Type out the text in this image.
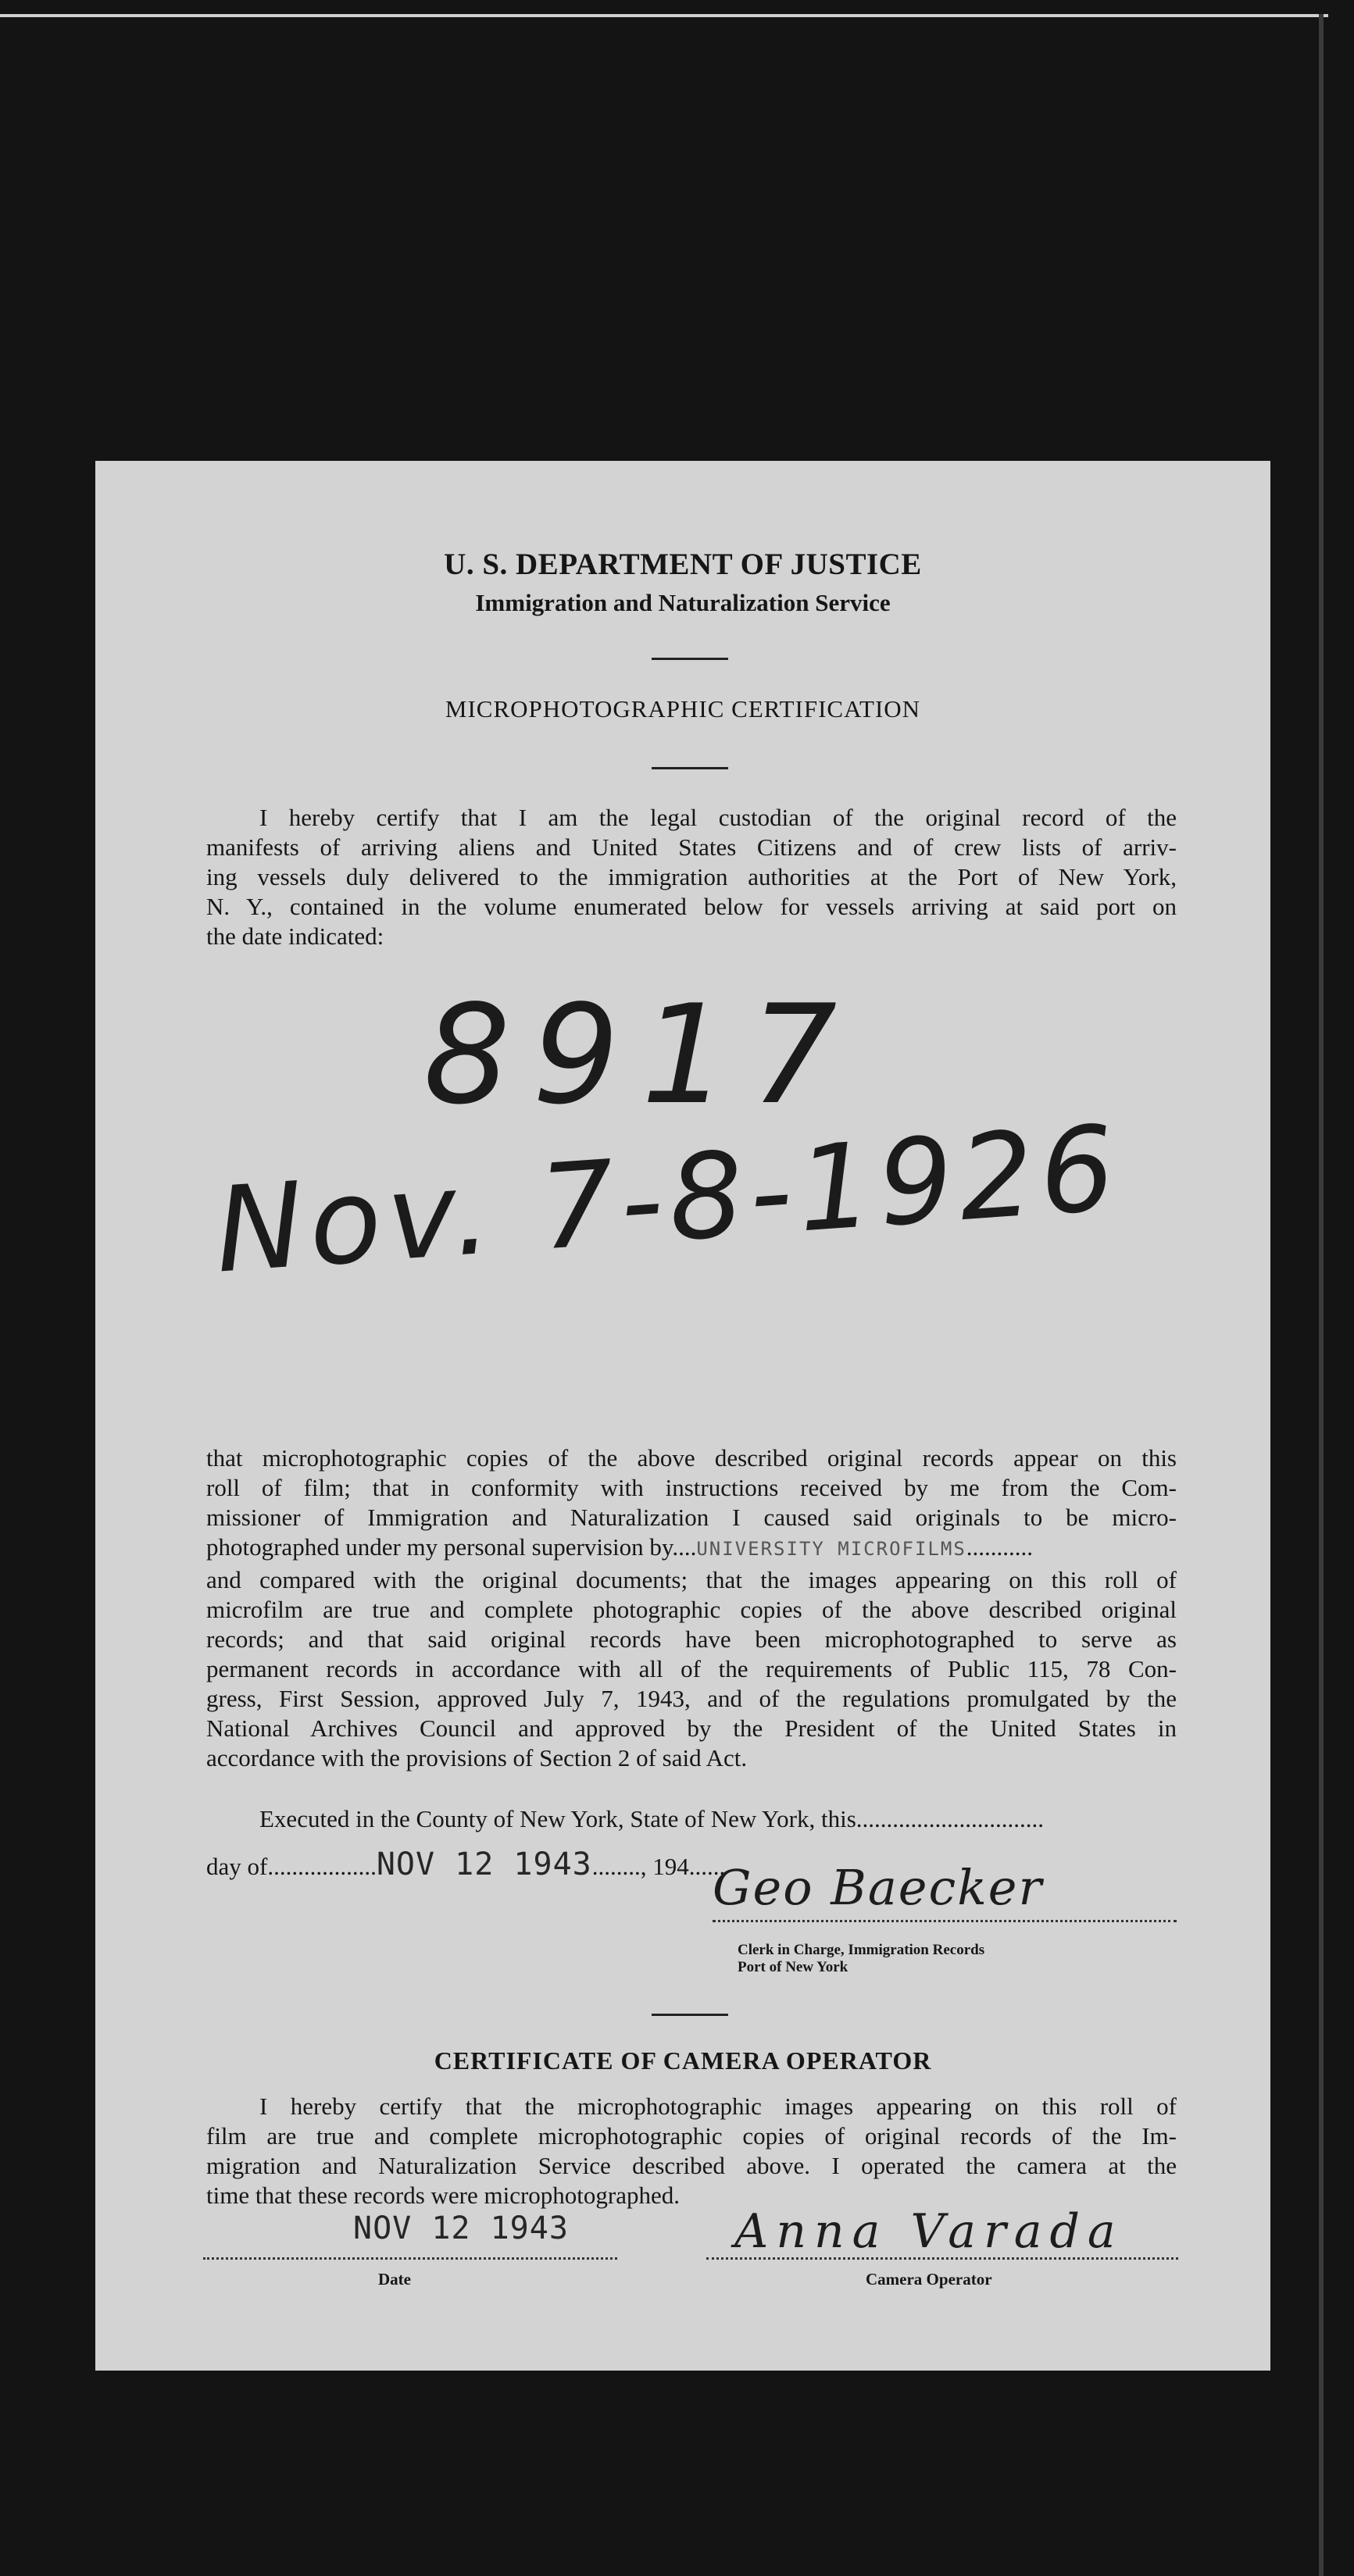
U. S. DEPARTMENT OF JUSTICE
Immigration and Naturalization Service
MICROPHOTOGRAPHIC CERTIFICATION
I hereby certify that I am the legal custodian of the original record of the
manifests of arriving aliens and United States Citizens and of crew lists of arriv-
ing vessels duly delivered to the immigration authorities at the Port of New York,
N. Y., contained in the volume enumerated below for vessels arriving at said port on
the date indicated:
8917
Nov. 7-8-1926
that microphotographic copies of the above described original records appear on this
roll of film; that in conformity with instructions received by me from the Com-
missioner of Immigration and Naturalization I caused said originals to be micro-
photographed under my personal supervision by....UNIVERSITY MICROFILMS...........
and compared with the original documents; that the images appearing on this roll of
microfilm are true and complete photographic copies of the above described original
records; and that said original records have been microphotographed to serve as
permanent records in accordance with all of the requirements of Public 115, 78 Con-
gress, First Session, approved July 7, 1943, and of the regulations promulgated by the
National Archives Council and approved by the President of the United States in
accordance with the provisions of Section 2 of said Act.
Executed in the County of New York, State of New York, this...............................
day of..................NOV 12 1943........, 194......
Geo Baecker
Clerk in Charge, Immigration Records
Port of New York
CERTIFICATE OF CAMERA OPERATOR
I hereby certify that the microphotographic images appearing on this roll of
film are true and complete microphotographic copies of original records of the Im-
migration and Naturalization Service described above. I operated the camera at the
time that these records were microphotographed.
NOV 12 1943
Date
Anna Varada
Camera Operator
